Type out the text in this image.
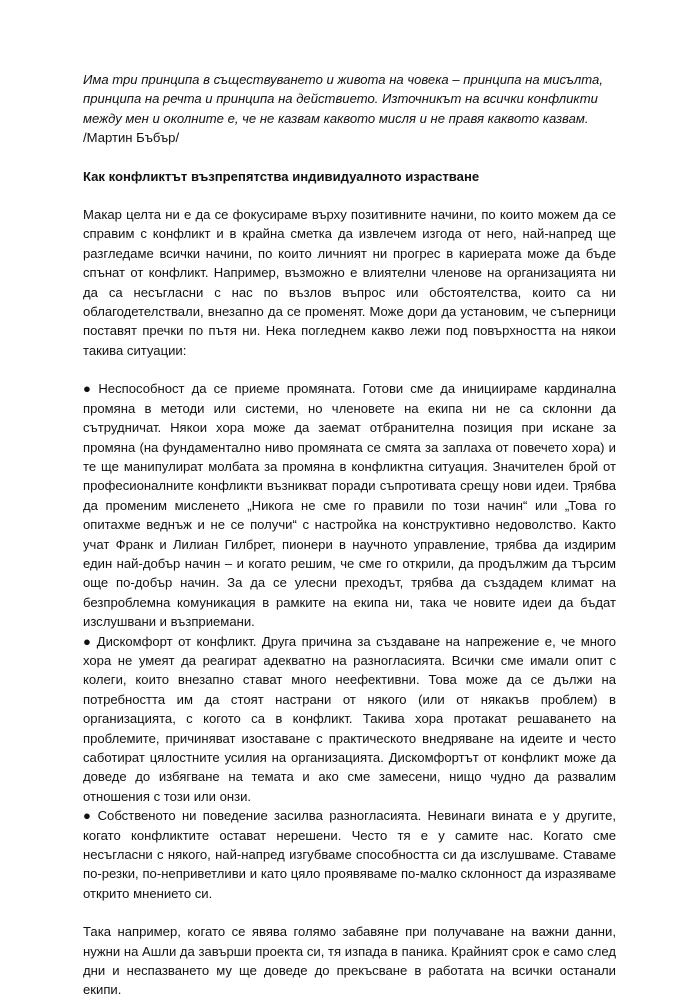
Има три принципа в съществуването и живота на човека – принципа на мисълта, принципа на речта и принципа на действието. Източникът на всички конфликти между мен и околните е, че не казвам каквото мисля и не правя каквото казвам.
/Мартин Бъбър/

Как конфликтът възпрепятства индивидуалното израстване

Макар целта ни е да се фокусираме върху позитивните начини, по които можем да се справим с конфликт и в крайна сметка да извлечем изгода от него, най-напред ще разгледаме всички начини, по които личният ни прогрес в кариерата може да бъде спънат от конфликт. Например, възможно е влиятелни членове на организацията ни да са несъгласни с нас по възлов въпрос или обстоятелства, които са ни облагодетелствали, внезапно да се променят. Може дори да установим, че съперници поставят пречки по пътя ни. Нека погледнем какво лежи под повърхността на някои такива ситуации:

● Неспособност да се приеме промяната. Готови сме да инициираме кардинална промяна в методи или системи, но членовете на екипа ни не са склонни да сътрудничат. Някои хора може да заемат отбранителна позиция при искане за промяна (на фундаментално ниво промяната се смята за заплаха от повечето хора) и те ще манипулират молбата за промяна в конфликтна ситуация. Значителен брой от професионалните конфликти възникват поради съпротивата срещу нови идеи. Трябва да променим мисленето „Никога не сме го правили по този начин“ или „Това го опитахме веднъж и не се получи“ с настройка на конструктивно недоволство. Както учат Франк и Лилиан Гилбрет, пионери в научното управление, трябва да издирим един най-добър начин – и когато решим, че сме го открили, да продължим да търсим още по-добър начин. За да се улесни преходът, трябва да създадем климат на безпроблемна комуникация в рамките на екипа ни, така че новите идеи да бъдат изслушвани и възприемани.

● Дискомфорт от конфликт. Друга причина за създаване на напрежение е, че много хора не умеят да реагират адекватно на разногласията. Всички сме имали опит с колеги, които внезапно стават много неефективни. Това може да се дължи на потребността им да стоят настрани от някого (или от някакъв проблем) в организацията, с когото са в конфликт. Такива хора протакат решаването на проблемите, причиняват изоставане с практическото внедряване на идеите и често саботират цялостните усилия на организацията. Дискомфортът от конфликт може да доведе до избягване на темата и ако сме замесени, нищо чудно да развалим отношения с този или онзи.

● Собственото ни поведение засилва разногласията. Невинаги вината е у другите, когато конфликтите остават нерешени. Често тя е у самите нас. Когато сме несъгласни с някого, най-напред изгубваме способността си да изслушваме. Ставаме по-резки, по-неприветливи и като цяло проявяваме по-малко склонност да изразяваме открито мнението си.

Така например, когато се явява голямо забавяне при получаване на важни данни, нужни на Ашли да завърши проекта си, тя изпада в паника. Крайният срок е само след дни и неспазването му ще доведе до прекъсване в работата на всички останали екипи.
